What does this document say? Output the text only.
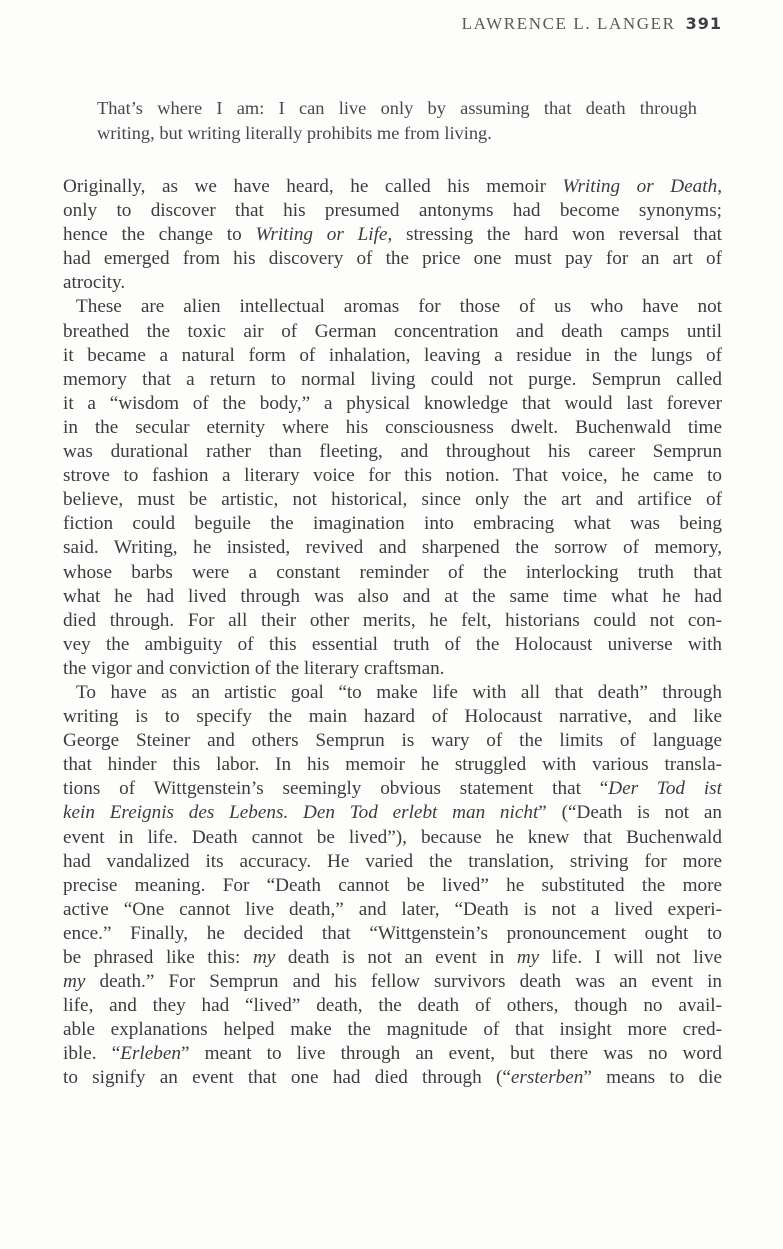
LAWRENCE L. LANGER 391
That’s where I am: I can live only by assuming that death through
writing, but writing literally prohibits me from living.
Originally, as we have heard, he called his memoir Writing or Death,
only to discover that his presumed antonyms had become synonyms;
hence the change to Writing or Life, stressing the hard won reversal that
had emerged from his discovery of the price one must pay for an art of
atrocity.
These are alien intellectual aromas for those of us who have not
breathed the toxic air of German concentration and death camps until
it became a natural form of inhalation, leaving a residue in the lungs of
memory that a return to normal living could not purge. Semprun called
it a “wisdom of the body,” a physical knowledge that would last forever
in the secular eternity where his consciousness dwelt. Buchenwald time
was durational rather than fleeting, and throughout his career Semprun
strove to fashion a literary voice for this notion. That voice, he came to
believe, must be artistic, not historical, since only the art and artifice of
fiction could beguile the imagination into embracing what was being
said. Writing, he insisted, revived and sharpened the sorrow of memory,
whose barbs were a constant reminder of the interlocking truth that
what he had lived through was also and at the same time what he had
died through. For all their other merits, he felt, historians could not con-
vey the ambiguity of this essential truth of the Holocaust universe with
the vigor and conviction of the literary craftsman.
To have as an artistic goal “to make life with all that death” through
writing is to specify the main hazard of Holocaust narrative, and like
George Steiner and others Semprun is wary of the limits of language
that hinder this labor. In his memoir he struggled with various transla-
tions of Wittgenstein’s seemingly obvious statement that “Der Tod ist
kein Ereignis des Lebens. Den Tod erlebt man nicht” (“Death is not an
event in life. Death cannot be lived”), because he knew that Buchenwald
had vandalized its accuracy. He varied the translation, striving for more
precise meaning. For “Death cannot be lived” he substituted the more
active “One cannot live death,” and later, “Death is not a lived experi-
ence.” Finally, he decided that “Wittgenstein’s pronouncement ought to
be phrased like this: my death is not an event in my life. I will not live
my death.” For Semprun and his fellow survivors death was an event in
life, and they had “lived” death, the death of others, though no avail-
able explanations helped make the magnitude of that insight more cred-
ible. “Erleben” meant to live through an event, but there was no word
to signify an event that one had died through (“ersterben” means to die
